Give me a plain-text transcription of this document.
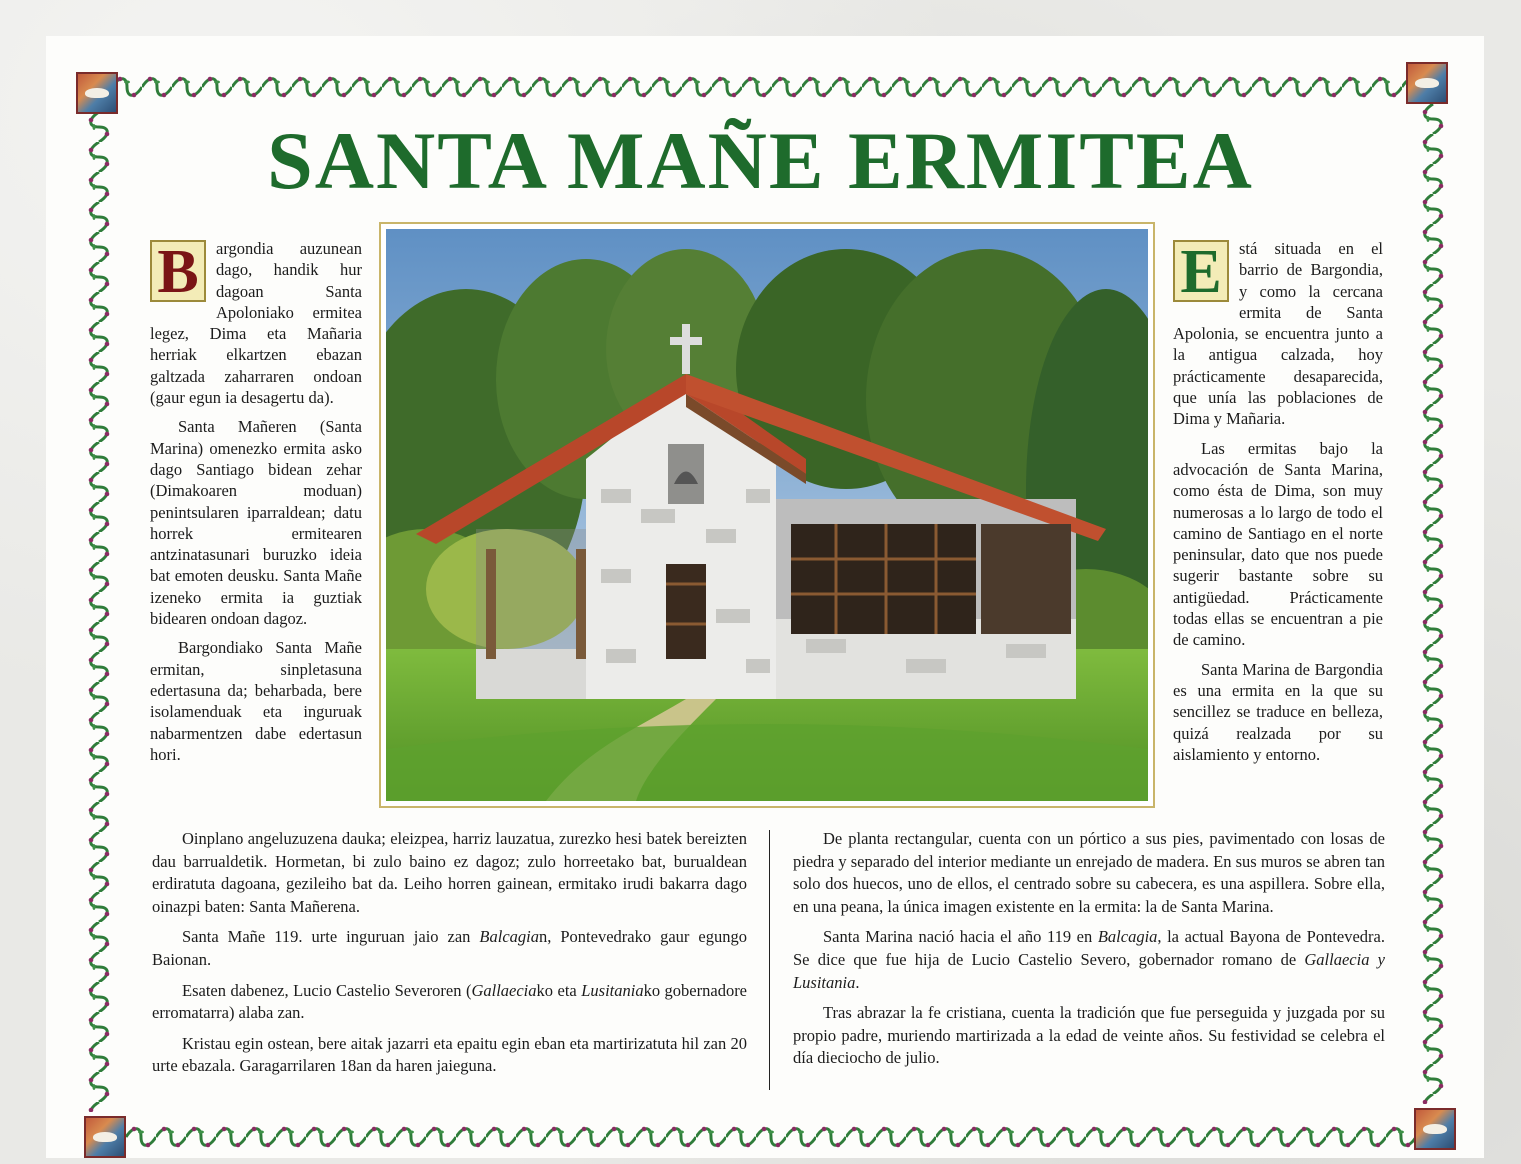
SANTA MAÑE ERMITEA

B	argondia auzunean dago, handik hur dagoan Santa Apoloniako ermitea legez, Dima eta Mañaria herriak elkartzen ebazan galtzada zaharraren ondoan (gaur egun ia desagertu da).

Santa Mañeren (Santa Marina) omenezko ermita asko dago Santiago bidean zehar (Dimakoaren moduan) penintsularen iparraldean; datu horrek ermitearen antzinatasunari buruzko ideia bat emoten deusku. Santa Mañe izeneko ermita ia guztiak bidearen ondoan dagoz.

Bargondiako Santa Mañe ermitan, sinpletasuna edertasuna da; beharbada, bere isolamenduak eta inguruak nabarmentzen dabe edertasun hori.

E	stá situada en el barrio de Bargondia, y como la cercana ermita de Santa Apolonia, se encuentra junto a la antigua calzada, hoy prácticamente desaparecida, que unía las poblaciones de Dima y Mañaria.

Las ermitas bajo la advocación de Santa Marina, como ésta de Dima, son muy numerosas a lo largo de todo el camino de Santiago en el norte peninsular, dato que nos puede sugerir bastante sobre su antigüedad. Prácticamente todas ellas se encuentran a pie de camino.

Santa Marina de Bargondia es una ermita en la que su sencillez se traduce en belleza, quizá realzada por su aislamiento y entorno.

Oinplano angeluzuzena dauka; eleizpea, harriz lauzatua, zurezko hesi batek bereizten dau barrualdetik. Hormetan, bi zulo baino ez dagoz; zulo horreetako bat, burualdean erdiratuta dagoana, gezileiho bat da. Leiho horren gainean, ermitako irudi bakarra dago oinazpi baten: Santa Mañerena.

Santa Mañe 119. urte inguruan jaio zan Balcagian, Pontevedrako gaur egungo Baionan.

Esaten dabenez, Lucio Castelio Severoren (Gallaeciako eta Lusitaniako gobernadore erromatarra) alaba zan.

Kristau egin ostean, bere aitak jazarri eta epaitu egin eban eta martirizatuta hil zan 20 urte ebazala. Garagarrilaren 18an da haren jaieguna.

De planta rectangular, cuenta con un pórtico a sus pies, pavimentado con losas de piedra y separado del interior mediante un enrejado de madera. En sus muros se abren tan solo dos huecos, uno de ellos, el centrado sobre su cabecera, es una aspillera. Sobre ella, en una peana, la única imagen existente en la ermita: la de Santa Marina.

Santa Marina nació hacia el año 119 en Balcagia, la actual Bayona de Pontevedra. Se dice que fue hija de Lucio Castelio Severo, gobernador romano de Gallaecia y Lusitania.

Tras abrazar la fe cristiana, cuenta la tradición que fue perseguida y juzgada por su propio padre, muriendo martirizada a la edad de veinte años. Su festividad se celebra el día dieciocho de julio.
